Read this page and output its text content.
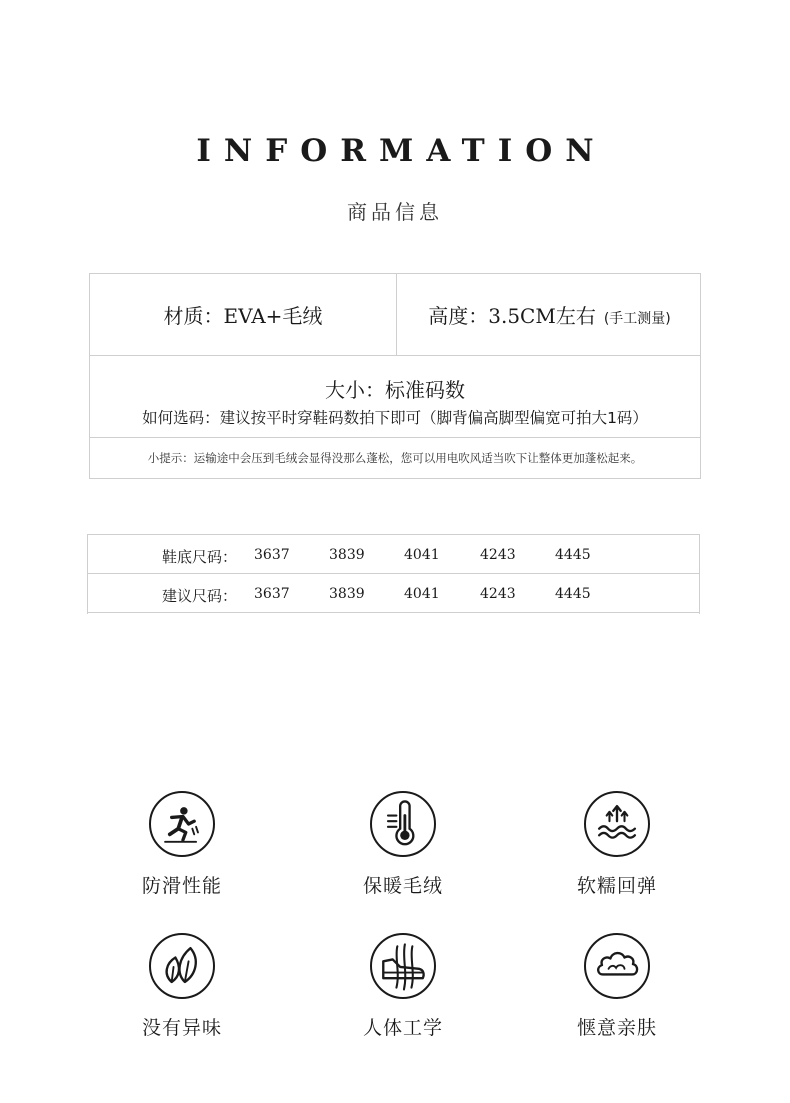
INFORMATION
商品信息
材质：EVA+毛绒	高度：3.5CM左右 (手工测量)
大小：标准码数
如何选码：建议按平时穿鞋码数拍下即可（脚背偏高脚型偏宽可拍大1码）
小提示：运输途中会压到毛绒会显得没那么蓬松，您可以用电吹风适当吹下让整体更加蓬松起来。
鞋底尺码： 3637	3839	4041	4243	4445
建议尺码： 3637	3839	4041	4243	4445
防滑性能	保暖毛绒	软糯回弹
没有异味	人体工学	惬意亲肤
